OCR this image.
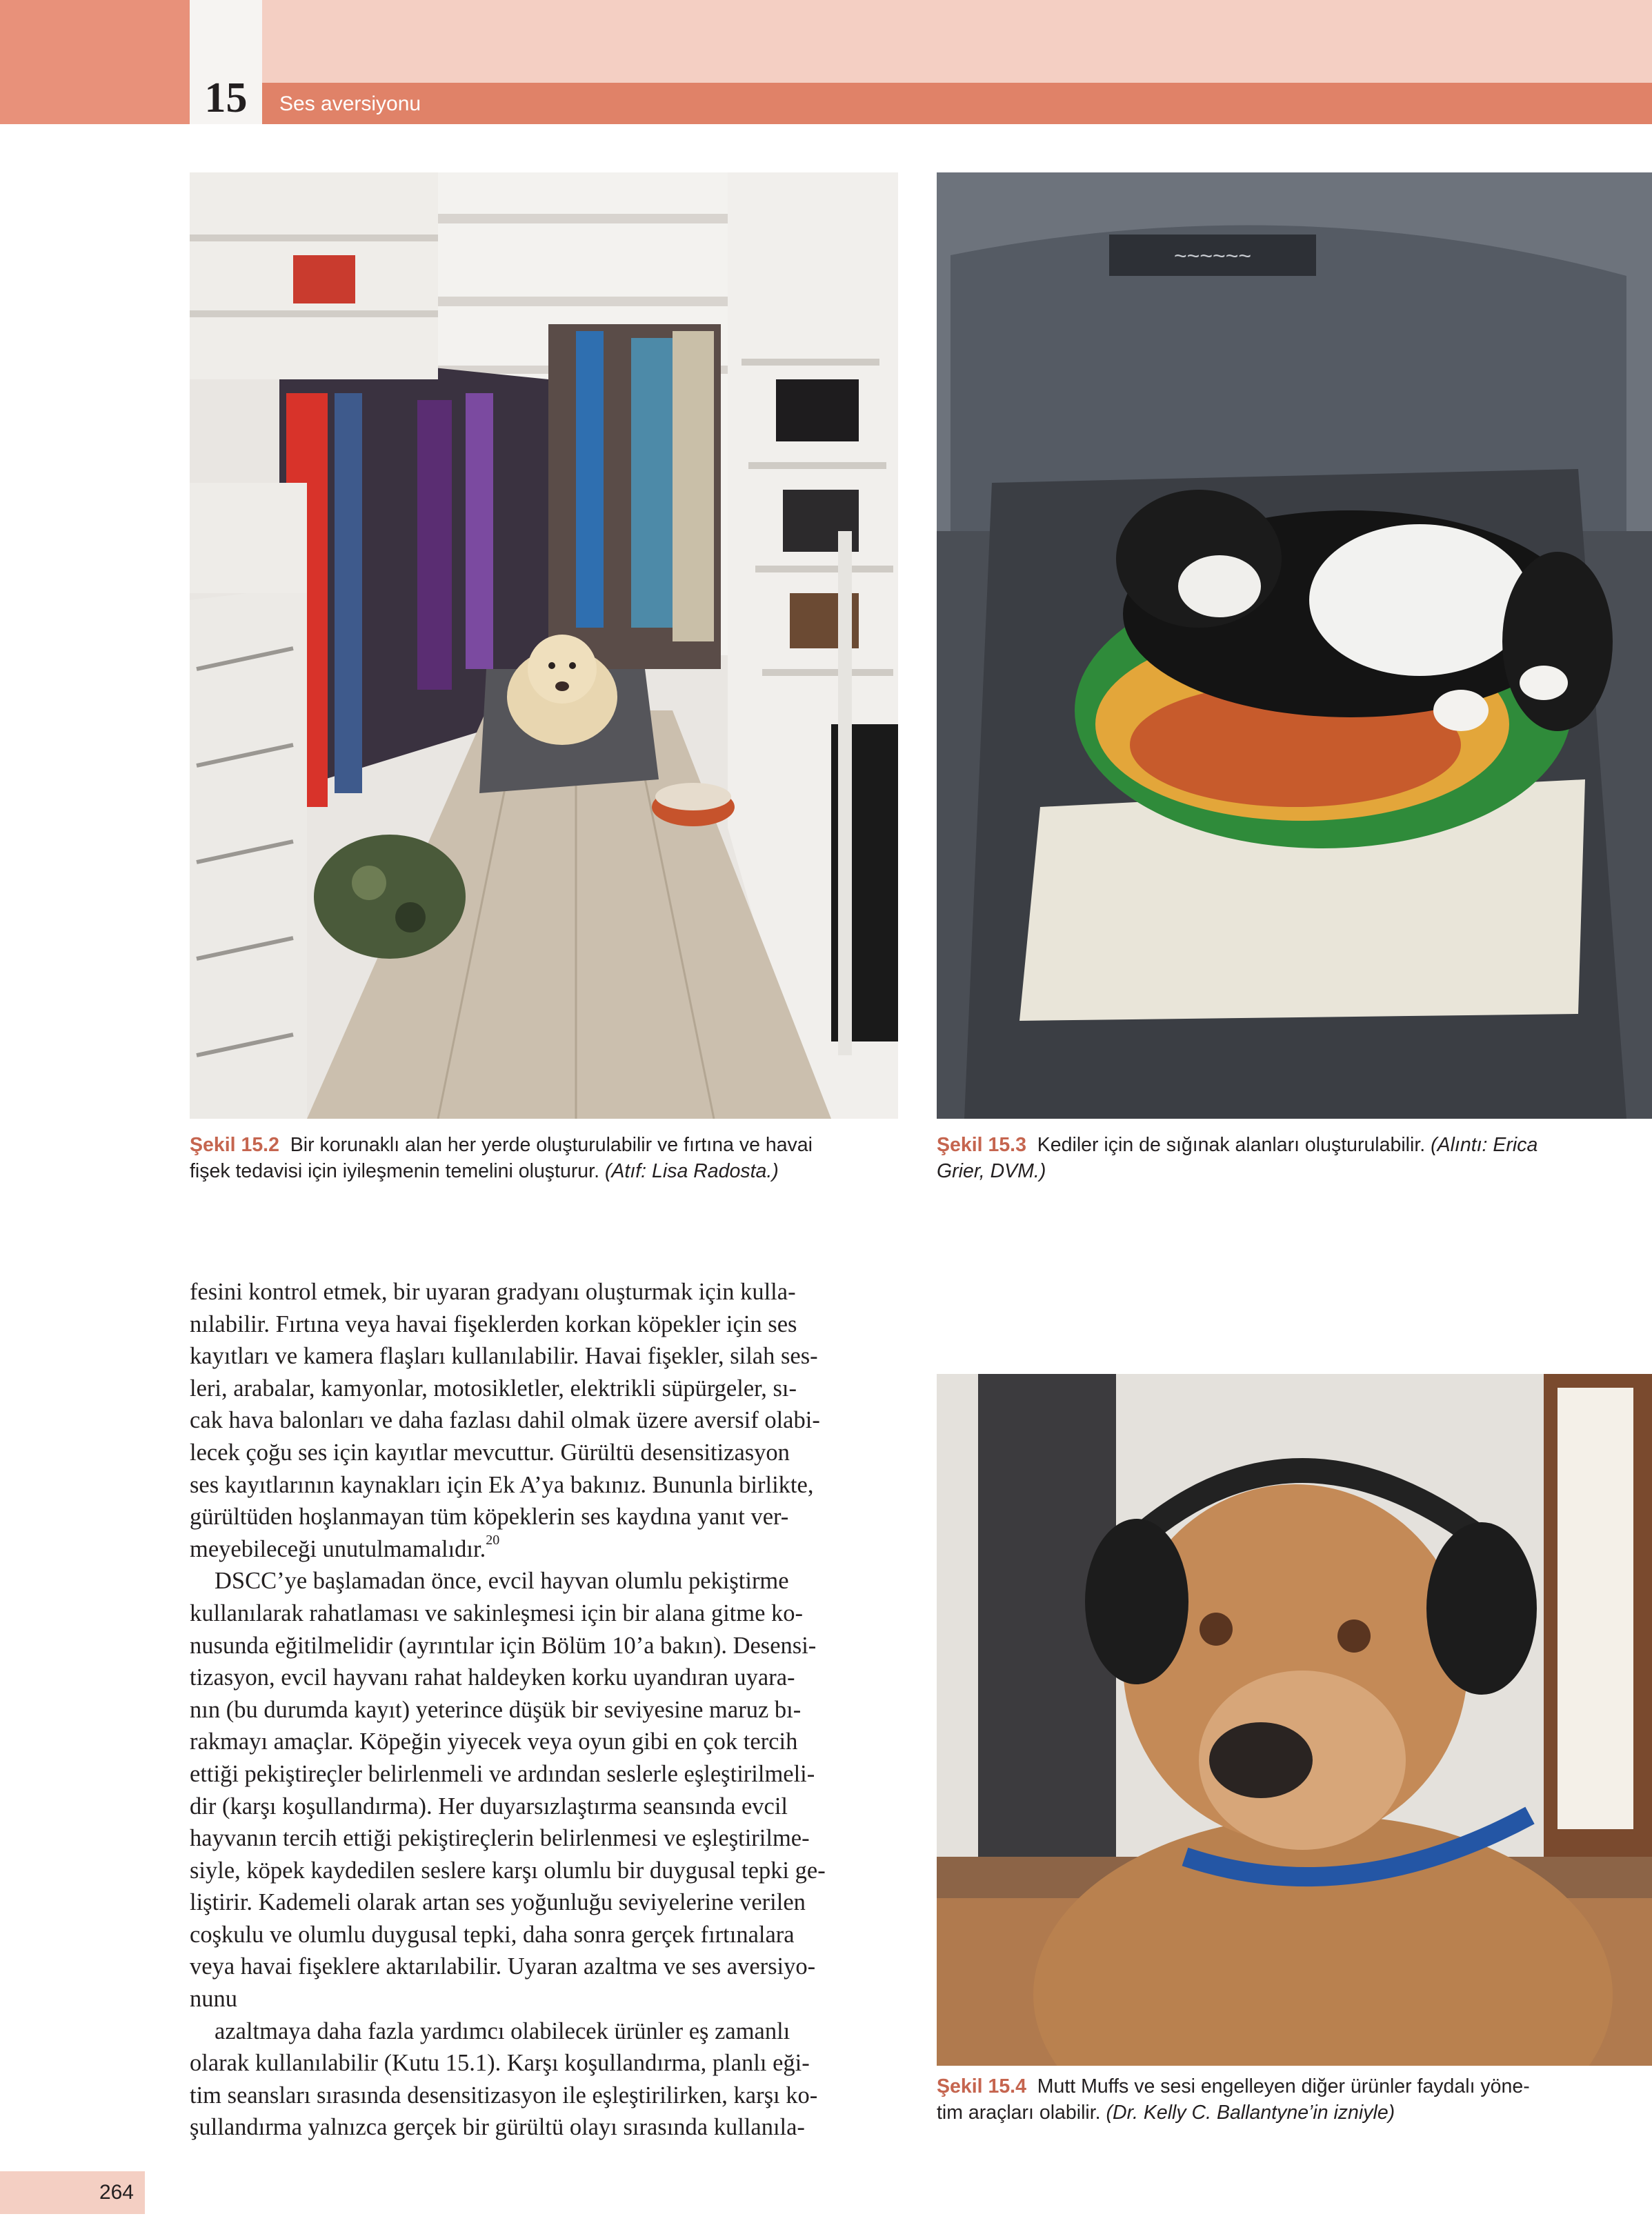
15	Ses aversiyonu
~~~~~~
Şekil 15.2 Bir korunaklı alan her yerde oluşturulabilir ve fırtına ve havai
fişek tedavisi için iyileşmenin temelini oluşturur. (Atıf: Lisa Radosta.)
Şekil 15.3 Kediler için de sığınak alanları oluşturulabilir. (Alıntı: Erica
Grier, DVM.)
Şekil 15.4 Mutt Muffs ve sesi engelleyen diğer ürünler faydalı yöne-
tim araçları olabilir. (Dr. Kelly C. Ballantyne’in izniyle)
fesini kontrol etmek, bir uyaran gradyanı oluşturmak için kulla-
nılabilir. Fırtına veya havai fişeklerden korkan köpekler için ses
kayıtları ve kamera flaşları kullanılabilir. Havai fişekler, silah ses-
leri, arabalar, kamyonlar, motosikletler, elektrikli süpürgeler, sı-
cak hava balonları ve daha fazlası dahil olmak üzere aversif olabi-
lecek çoğu ses için kayıtlar mevcuttur. Gürültü desensitizasyon
ses kayıtlarının kaynakları için Ek A’ya bakınız. Bununla birlikte,
gürültüden hoşlanmayan tüm köpeklerin ses kaydına yanıt ver-
meyebileceği unutulmamalıdır.$^{20}$
DSCC’ye başlamadan önce, evcil hayvan olumlu pekiştirme
kullanılarak rahatlaması ve sakinleşmesi için bir alana gitme ko-
nusunda eğitilmelidir (ayrıntılar için Bölüm 10’a bakın). Desensi-
tizasyon, evcil hayvanı rahat haldeyken korku uyandıran uyara-
nın (bu durumda kayıt) yeterince düşük bir seviyesine maruz bı-
rakmayı amaçlar. Köpeğin yiyecek veya oyun gibi en çok tercih
ettiği pekiştireçler belirlenmeli ve ardından seslerle eşleştirilmeli-
dir (karşı koşullandırma). Her duyarsızlaştırma seansında evcil
hayvanın tercih ettiği pekiştireçlerin belirlenmesi ve eşleştirilme-
siyle, köpek kaydedilen seslere karşı olumlu bir duygusal tepki ge-
liştirir. Kademeli olarak artan ses yoğunluğu seviyelerine verilen
coşkulu ve olumlu duygusal tepki, daha sonra gerçek fırtınalara
veya havai fişeklere aktarılabilir. Uyaran azaltma ve ses aversiyo-
nunu
azaltmaya daha fazla yardımcı olabilecek ürünler eş zamanlı
olarak kullanılabilir (Kutu 15.1). Karşı koşullandırma, planlı eği-
tim seansları sırasında desensitizasyon ile eşleştirilirken, karşı ko-
şullandırma yalnızca gerçek bir gürültü olayı sırasında kullanıla-
264
